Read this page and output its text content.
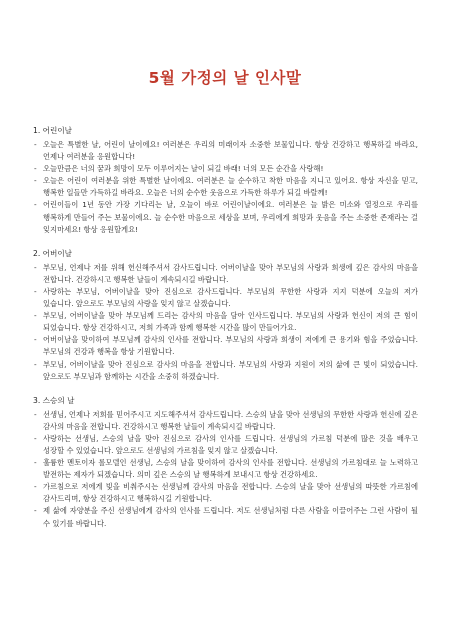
5월 가정의 날 인사말
1. 어린이날
- 오늘은 특별한 날, 어린이 날이에요! 여러분은 우리의 미래이자 소중한 보물입니다. 항상 건강하고 행복하길 바라요, 언제나 여러분을 응원합니다!
- 오늘만큼은 너의 꿈과 희망이 모두 이루어지는 날이 되길 바래! 너의 모든 순간을 사랑해!
- 오늘은 어린이 여러분을 위한 특별한 날이에요. 여러분은 늘 순수하고 착한 마음을 지니고 있어요. 항상 자신을 믿고, 행복한 일들만 가득하길 바라요. 오늘은 너의 순수한 웃음으로 가득한 하루가 되길 바랄께!
- 어린이들이 1년 동안 가장 기다리는 날, 오늘이 바로 어린이날이에요. 여러분은 늘 밝은 미소와 열정으로 우리를 행복하게 만들어 주는 보물이에요. 늘 순수한 마음으로 세상을 보며, 우리에게 희망과 웃음을 주는 소중한 존재라는 걸 잊지마세요! 항상 응원할게요!
2. 어버이날
- 부모님, 언제나 저를 위해 헌신해주셔서 감사드립니다. 어버이날을 맞아 부모님의 사랑과 희생에 깊은 감사의 마음을 전합니다. 건강하시고 행복한 날들이 계속되시길 바랍니다.
- 사랑하는 부모님, 어버이날을 맞아 진심으로 감사드립니다. 부모님의 무한한 사랑과 지지 덕분에 오늘의 저가 있습니다. 앞으로도 부모님의 사랑을 잊지 않고 살겠습니다.
- 부모님, 어버이날을 맞아 부모님께 드리는 감사의 마음을 담아 인사드립니다. 부모님의 사랑과 헌신이 저의 큰 힘이 되었습니다. 항상 건강하시고, 저희 가족과 함께 행복한 시간을 많이 만들어가요.
- 어버이날을 맞이하여 부모님께 감사의 인사를 전합니다. 부모님의 사랑과 희생이 저에게 큰 용기와 힘을 주었습니다. 부모님의 건강과 행복을 항상 기원합니다.
- 부모님, 어버이날을 맞아 진심으로 감사의 마음을 전합니다. 부모님의 사랑과 지원이 저의 삶에 큰 빛이 되었습니다. 앞으로도 부모님과 함께하는 시간을 소중히 하겠습니다.
3. 스승의 날
- 선생님, 언제나 저희를 믿어주시고 지도해주셔서 감사드립니다. 스승의 날을 맞아 선생님의 무한한 사랑과 헌신에 깊은 감사의 마음을 전합니다. 건강하시고 행복한 날들이 계속되시길 바랍니다.
- 사랑하는 선생님, 스승의 날을 맞아 진심으로 감사의 인사를 드립니다. 선생님의 가르침 덕분에 많은 것을 배우고 성장할 수 있었습니다. 앞으로도 선생님의 가르침을 잊지 않고 살겠습니다.
- 훌륭한 멘토이자 롤모델인 선생님, 스승의 날을 맞이하여 감사의 인사를 전합니다. 선생님의 가르침대로 늘 노력하고 발전하는 제자가 되겠습니다. 의미 깊은 스승의 날 행복하게 보내시고 항상 건강하세요.
- 가르침으로 저에게 빛을 비춰주시는 선생님께 감사의 마음을 전합니다. 스승의 날을 맞아 선생님의 따뜻한 가르침에 감사드리며, 항상 건강하시고 행복하시길 기원합니다.
- 제 삶에 자양분을 주신 선생님에게 감사의 인사를 드립니다. 저도 선생님처럼 다른 사람을 이끌어주는 그런 사람이 될 수 있기를 바랍니다.
